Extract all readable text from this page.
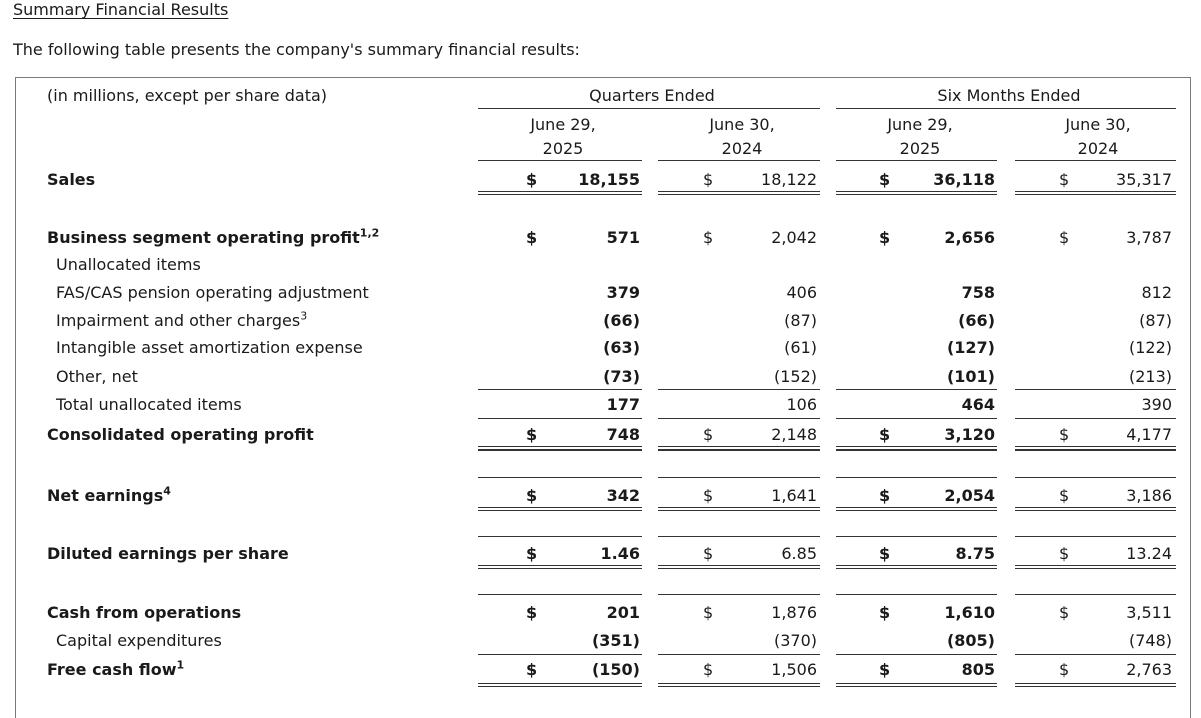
Summary Financial Results
The following table presents the company's summary financial results:
(in millions, except per share data)	Quarters Ended	Six Months Ended
June 29,
2025
June 30,
2024
June 29,
2025
June 30,
2024
Sales	$	18,155	$	18,122	$	36,118	$	35,317
Business segment operating profit$^{1,2}$	$	571	$	2,042	$	2,656	$	3,787
Unallocated items
FAS/CAS pension operating adjustment	379	406	758	812
Impairment and other charges$^3$	(66)	(87)	(66)	(87)
Intangible asset amortization expense	(63)	(61)	(127)	(122)
Other, net	(73)	(152)	(101)	(213)
Total unallocated items	177	106	464	390
Consolidated operating profit	$	748	$	2,148	$	3,120	$	4,177
Net earnings$^4$	$	342	$	1,641	$	2,054	$	3,186
Diluted earnings per share	$	1.46	$	6.85	$	8.75	$	13.24
Cash from operations	$	201	$	1,876	$	1,610	$	3,511
Capital expenditures	(351)	(370)	(805)	(748)
Free cash flow$^1$	$	(150)	$	1,506	$	805	$	2,763
